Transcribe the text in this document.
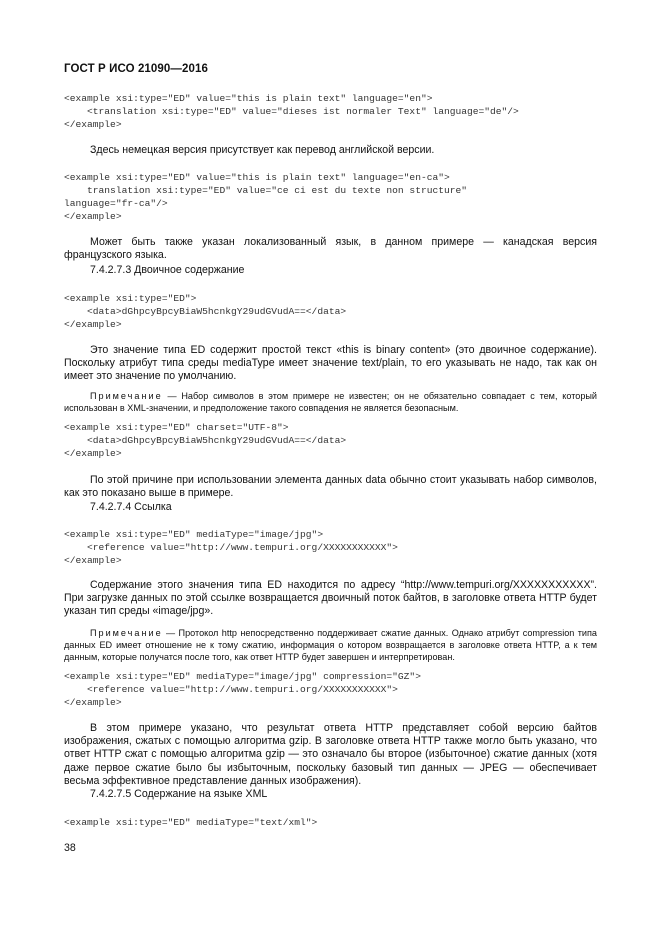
ГОСТ Р ИСО 21090—2016
<example xsi:type="ED" value="this is plain text" language="en">
<translation xsi:type="ED" value="dieses ist normaler Text" language="de"/>
</example>
Здесь немецкая версия присутствует как перевод английской версии.
<example xsi:type="ED" value="this is plain text" language="en-ca">
translation xsi:type="ED" value="ce ci est du texte non structure"
language="fr-ca"/>
</example>
Может быть также указан локализованный язык, в данном примере — канадская версия французского языка.
7.4.2.7.3 Двоичное содержание
<example xsi:type="ED">
<data>dGhpcyBpcyBiaW5hcnkgY29udGVudA==</data>
</example>
Это значение типа ED содержит простой текст «this is binary content» (это двоичное содержание). Поскольку атрибут типа среды mediaType имеет значение text/plain, то его указывать не надо, так как он имеет это значение по умолчанию.
Примечание — Набор символов в этом примере не известен; он не обязательно совпадает с тем, который использован в XML-значении, и предположение такого совпадения не является безопасным.
<example xsi:type="ED" charset="UTF-8">
<data>dGhpcyBpcyBiaW5hcnkgY29udGVudA==</data>
</example>
По этой причине при использовании элемента данных data обычно стоит указывать набор символов, как это показано выше в примере.
7.4.2.7.4 Ссылка
<example xsi:type="ED" mediaType="image/jpg">
<reference value="http://www.tempuri.org/XXXXXXXXXXX">
</example>
Содержание этого значения типа ED находится по адресу “http://www.tempuri.org/XXXXXXXXXXX”. При загрузке данных по этой ссылке возвращается двоичный поток байтов, в заголовке ответа HTTP будет указан тип среды «image/jpg».
Примечание — Протокол http непосредственно поддерживает сжатие данных. Однако атрибут compression типа данных ED имеет отношение не к тому сжатию, информация о котором возвращается в заголовке ответа HTTP, а к тем данным, которые получатся после того, как ответ HTTP будет завершен и интерпретирован.
<example xsi:type="ED" mediaType="image/jpg" compression="GZ">
<reference value="http://www.tempuri.org/XXXXXXXXXXX">
</example>
В этом примере указано, что результат ответа HTTP представляет собой версию байтов изображения, сжатых с помощью алгоритма gzip. В заголовке ответа HTTP также могло быть указано, что ответ HTTP сжат с помощью алгоритма gzip — это означало бы второе (избыточное) сжатие данных (хотя даже первое сжатие было бы избыточным, поскольку базовый тип данных — JPEG — обеспечивает весьма эффективное представление данных изображения).
7.4.2.7.5 Содержание на языке XML
<example xsi:type="ED" mediaType="text/xml">
38
